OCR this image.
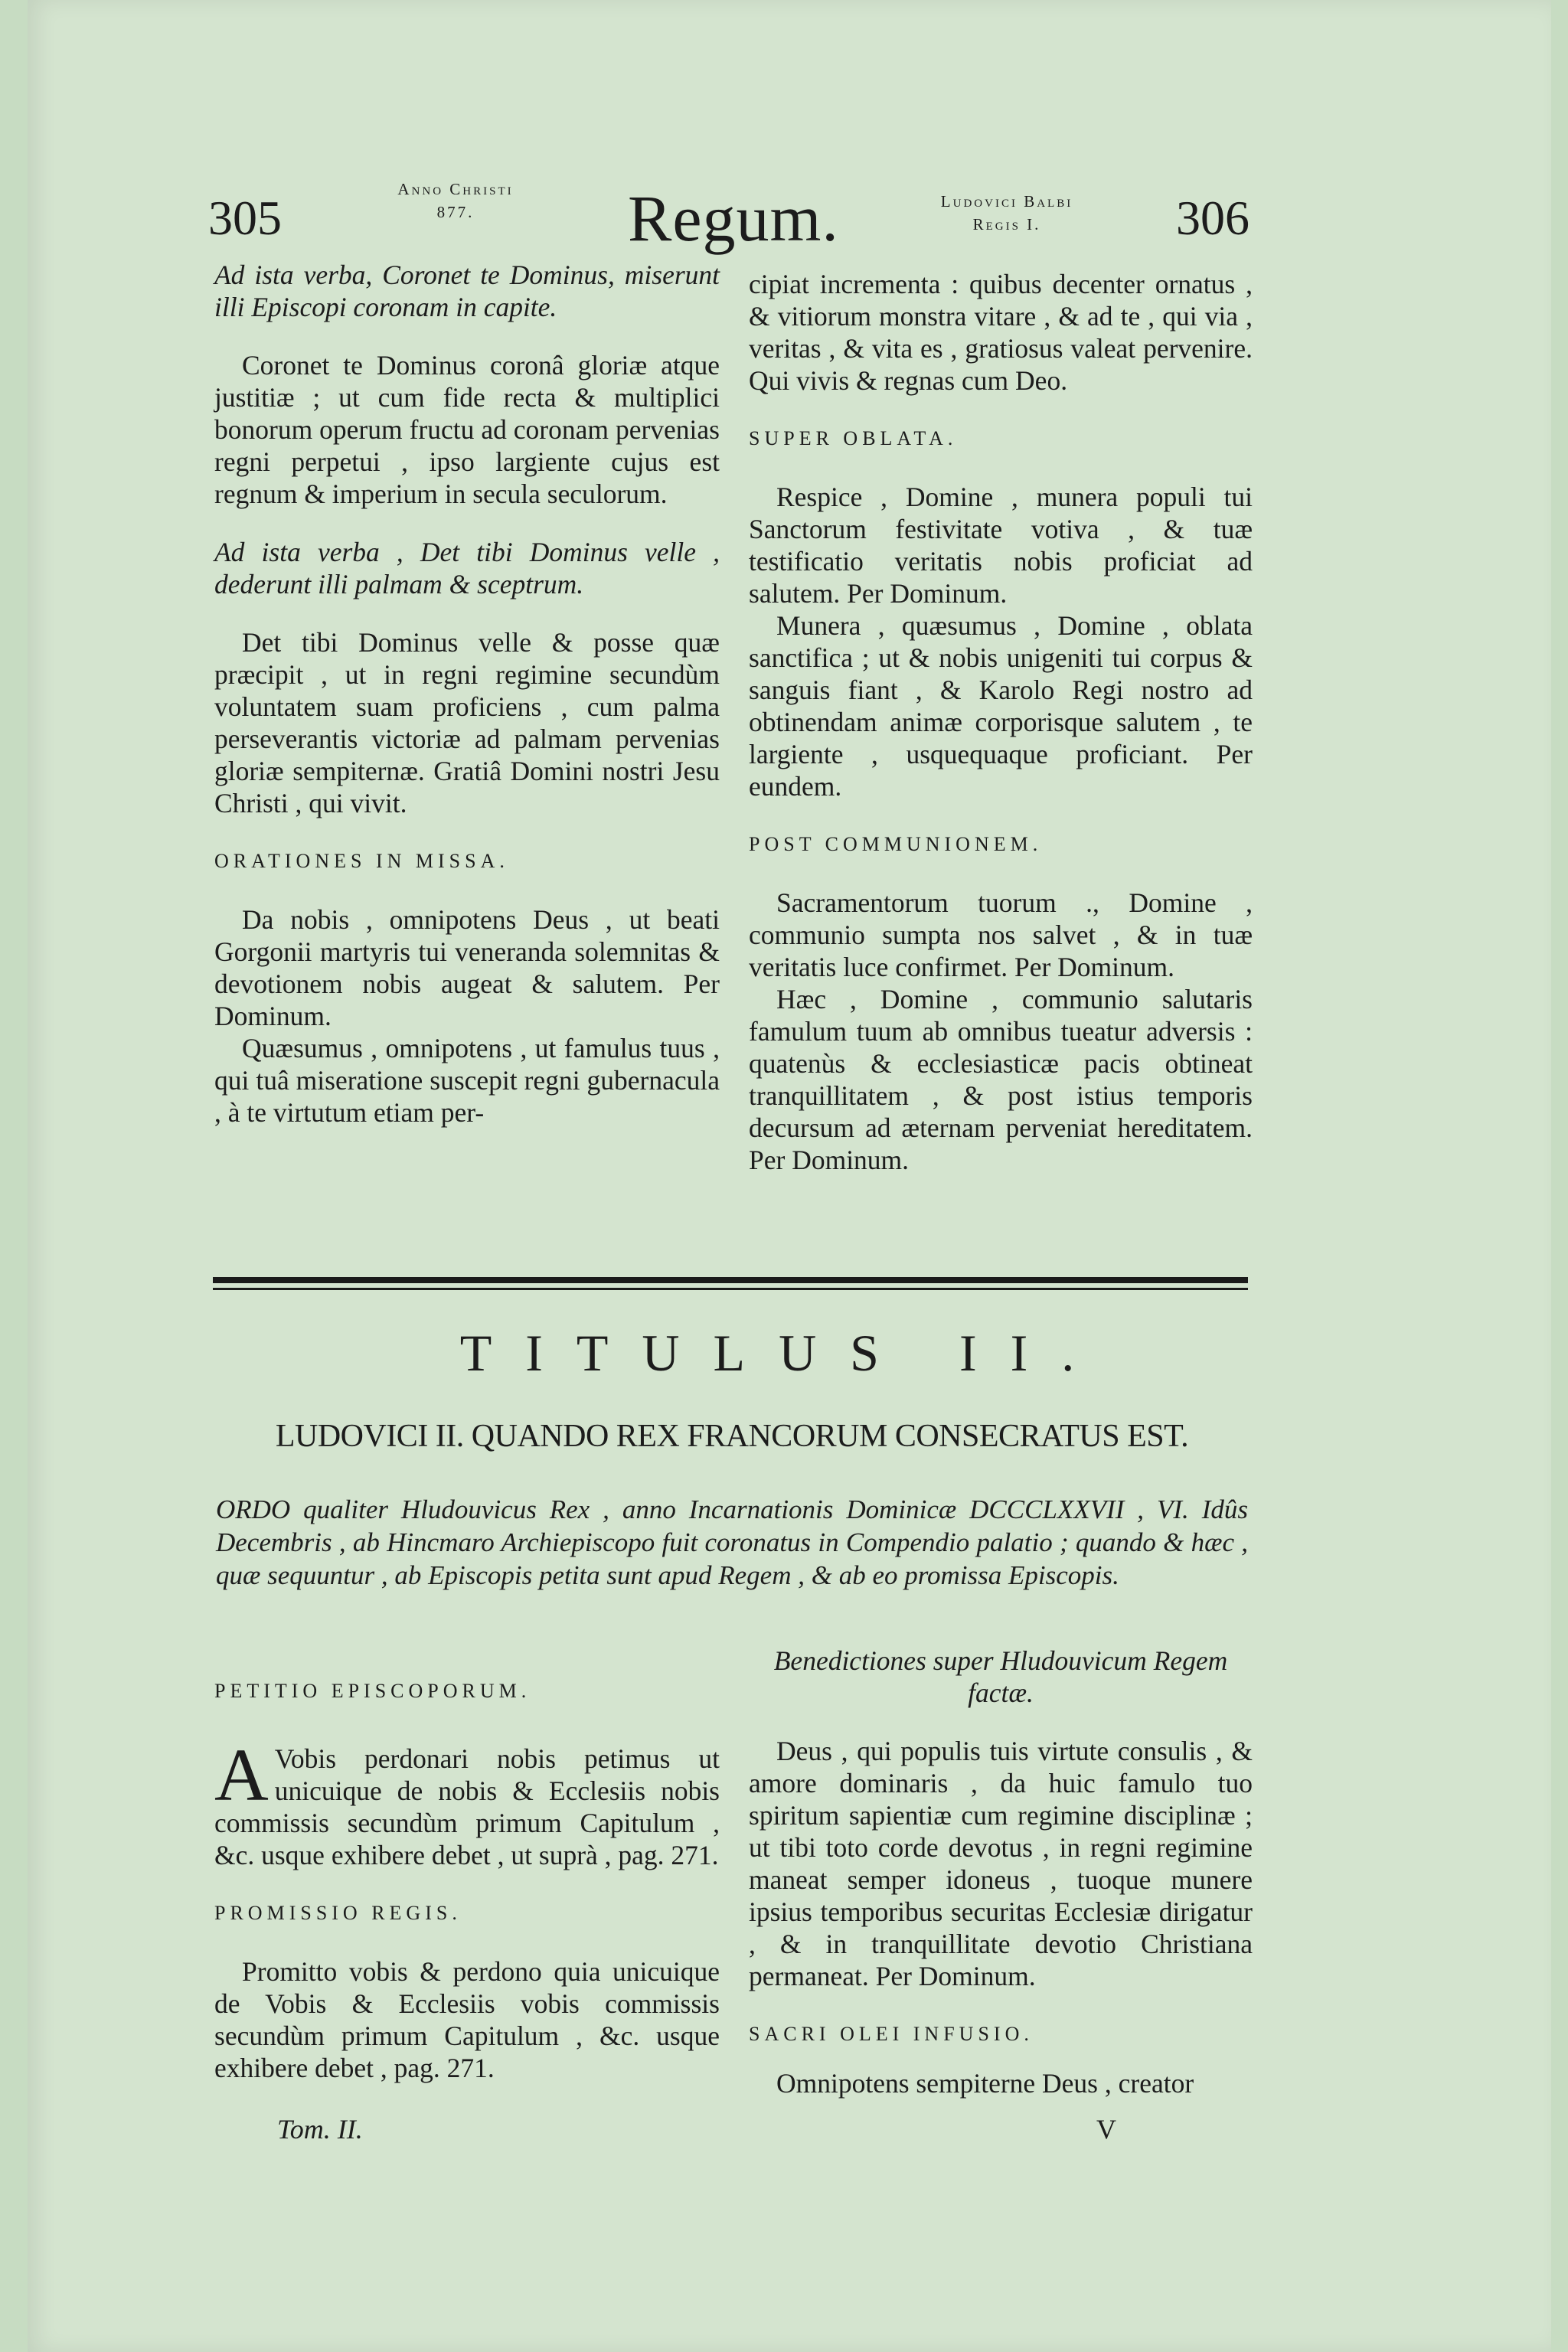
305
Anno Christi
877.	Regum.	Ludovici Balbi
Regis I.	306

Ad ista verba, Coronet te Dominus, miserunt illi Episcopi coronam in capite.

Coronet te Dominus coronâ gloriæ atque justitiæ ; ut cum fide recta & multiplici bonorum operum fructu ad coronam pervenias regni perpetui , ipso largiente cujus est regnum & imperium in secula seculorum.

Ad ista verba , Det tibi Dominus velle , dederunt illi palmam & sceptrum.

Det tibi Dominus velle & posse quæ præcipit , ut in regni regimine secundùm voluntatem suam proficiens , cum palma perseverantis victoriæ ad palmam pervenias gloriæ sempiternæ. Gratiâ Domini nostri Jesu Christi , qui vivit.

ORATIONES IN MISSA.

Da nobis , omnipotens Deus , ut beati Gorgonii martyris tui veneranda solemnitas & devotionem nobis augeat & salutem. Per Dominum.

Quæsumus , omnipotens , ut famulus tuus , qui tuâ miseratione suscepit regni gubernacula , à te virtutum etiam per-

cipiat incrementa : quibus decenter ornatus , & vitiorum monstra vitare , & ad te , qui via , veritas , & vita es , gratiosus valeat pervenire. Qui vivis & regnas cum Deo.

SUPER OBLATA.

Respice , Domine , munera populi tui Sanctorum festivitate votiva , & tuæ testificatio veritatis nobis proficiat ad salutem. Per Dominum.

Munera , quæsumus , Domine , oblata sanctifica ; ut & nobis unigeniti tui corpus & sanguis fiant , & Karolo Regi nostro ad obtinendam animæ corporisque salutem , te largiente , usquequaque proficiant. Per eundem.

POST COMMUNIONEM.

Sacramentorum tuorum ., Domine , communio sumpta nos salvet , & in tuæ veritatis luce confirmet. Per Dominum.

Hæc , Domine , communio salutaris famulum tuum ab omnibus tueatur adversis : quatenùs & ecclesiasticæ pacis obtineat tranquillitatem , & post istius temporis decursum ad æternam perveniat hereditatem. Per Dominum.

TITULUS II.
LUDOVICI II. QUANDO REX FRANCORUM CONSECRATUS EST.
ORDO qualiter Hludouvicus Rex , anno Incarnationis Dominicæ DCCCLXXVII , VI. Idûs Decembris , ab Hincmaro Archiepiscopo fuit coronatus in Compendio palatio ; quando & hæc , quæ sequuntur , ab Episcopis petita sunt apud Regem , & ab eo promissa Episcopis.

PETITIO EPISCOPORUM.

A Vobis perdonari nobis petimus ut unicuique de nobis & Ecclesiis nobis commissis secundùm primum Capitulum , &c. usque exhibere debet , ut suprà , pag. 271.

PROMISSIO REGIS.

Promitto vobis & perdono quia unicuique de Vobis & Ecclesiis vobis commissis secundùm primum Capitulum , &c. usque exhibere debet , pag. 271.

Benedictiones super Hludouvicum Regem factæ.

Deus , qui populis tuis virtute consulis , & amore dominaris , da huic famulo tuo spiritum sapientiæ cum regimine disciplinæ ; ut tibi toto corde devotus , in regni regimine maneat semper idoneus , tuoque munere ipsius temporibus securitas Ecclesiæ dirigatur , & in tranquillitate devotio Christiana permaneat. Per Dominum.

SACRI OLEI INFUSIO.

Omnipotens sempiterne Deus , creator

Tom. II.	V
